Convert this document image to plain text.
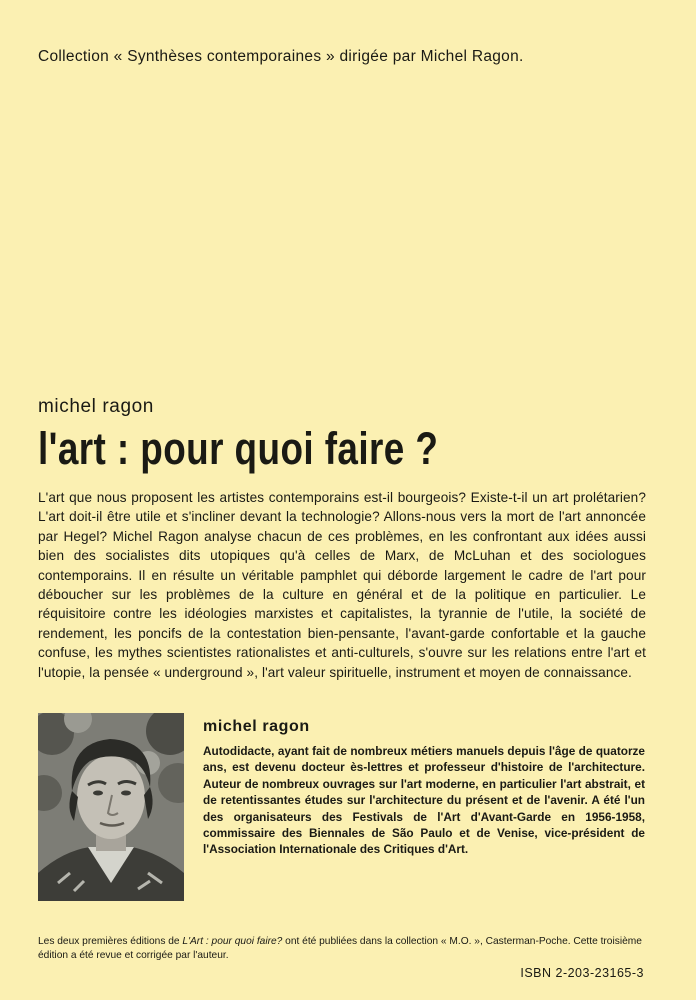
Collection « Synthèses contemporaines » dirigée par Michel Ragon.

michel ragon

l'art : pour quoi faire ?

L'art que nous proposent les artistes contemporains est-il bourgeois? Existe-t-il un art prolétarien? L'art doit-il être utile et s'incliner devant la technologie? Allons-nous vers la mort de l'art annoncée par Hegel? Michel Ragon analyse chacun de ces problèmes, en les confrontant aux idées aussi bien des socialistes dits utopiques qu'à celles de Marx, de McLuhan et des sociologues contemporains. Il en résulte un véritable pamphlet qui déborde largement le cadre de l'art pour déboucher sur les problèmes de la culture en général et de la politique en particulier. Le réquisitoire contre les idéologies marxistes et capitalistes, la tyrannie de l'utile, la société de rendement, les poncifs de la contestation bien-pensante, l'avant-garde confortable et la gauche confuse, les mythes scientistes rationalistes et anti-culturels, s'ouvre sur les relations entre l'art et l'utopie, la pensée « underground », l'art valeur spirituelle, instrument et moyen de connaissance.

michel ragon

Autodidacte, ayant fait de nombreux métiers manuels depuis l'âge de quatorze ans, est devenu docteur ès-lettres et professeur d'histoire de l'architecture. Auteur de nombreux ouvrages sur l'art moderne, en particulier l'art abstrait, et de retentissantes études sur l'architecture du présent et de l'avenir. A été l'un des organisateurs des Festivals de l'Art d'Avant-Garde en 1956-1958, commissaire des Biennales de São Paulo et de Venise, vice-président de l'Association Internationale des Critiques d'Art.

Les deux premières éditions de L'Art : pour quoi faire? ont été publiées dans la collection « M.O. », Casterman-Poche. Cette troisième édition a été revue et corrigée par l'auteur.

ISBN 2-203-23165-3
